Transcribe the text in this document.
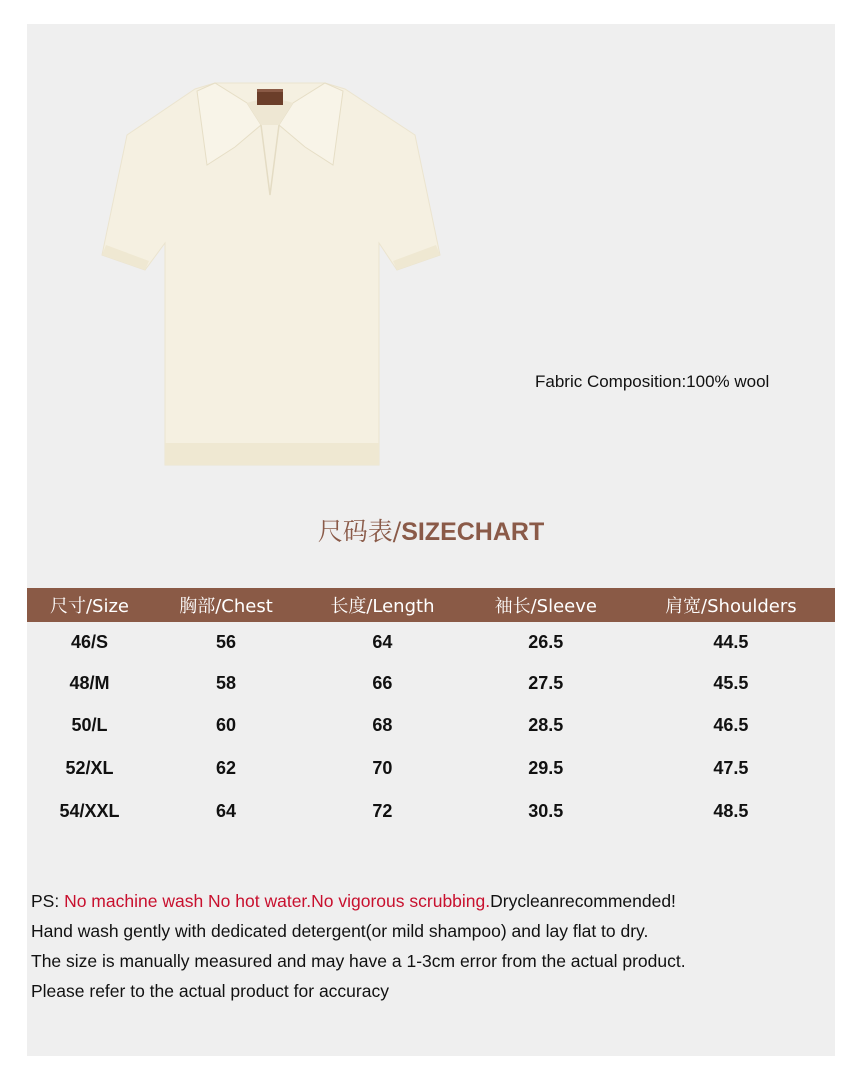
Fabric Composition:100% wool
尺码表/SIZECHART
尺寸/Size	胸部/Chest	长度/Length	袖长/Sleeve	肩宽/Shoulders
46/S	56	64	26.5	44.5
48/M	58	66	27.5	45.5
50/L	60	68	28.5	46.5
52/XL	62	70	29.5	47.5
54/XXL	64	72	30.5	48.5
PS: No machine wash No hot water.No vigorous scrubbing.Drycleanrecommended!
Hand wash gently with dedicated detergent(or mild shampoo) and lay flat to dry.
The size is manually measured and may have a 1-3cm error from the actual product.
Please refer to the actual product for accuracy
